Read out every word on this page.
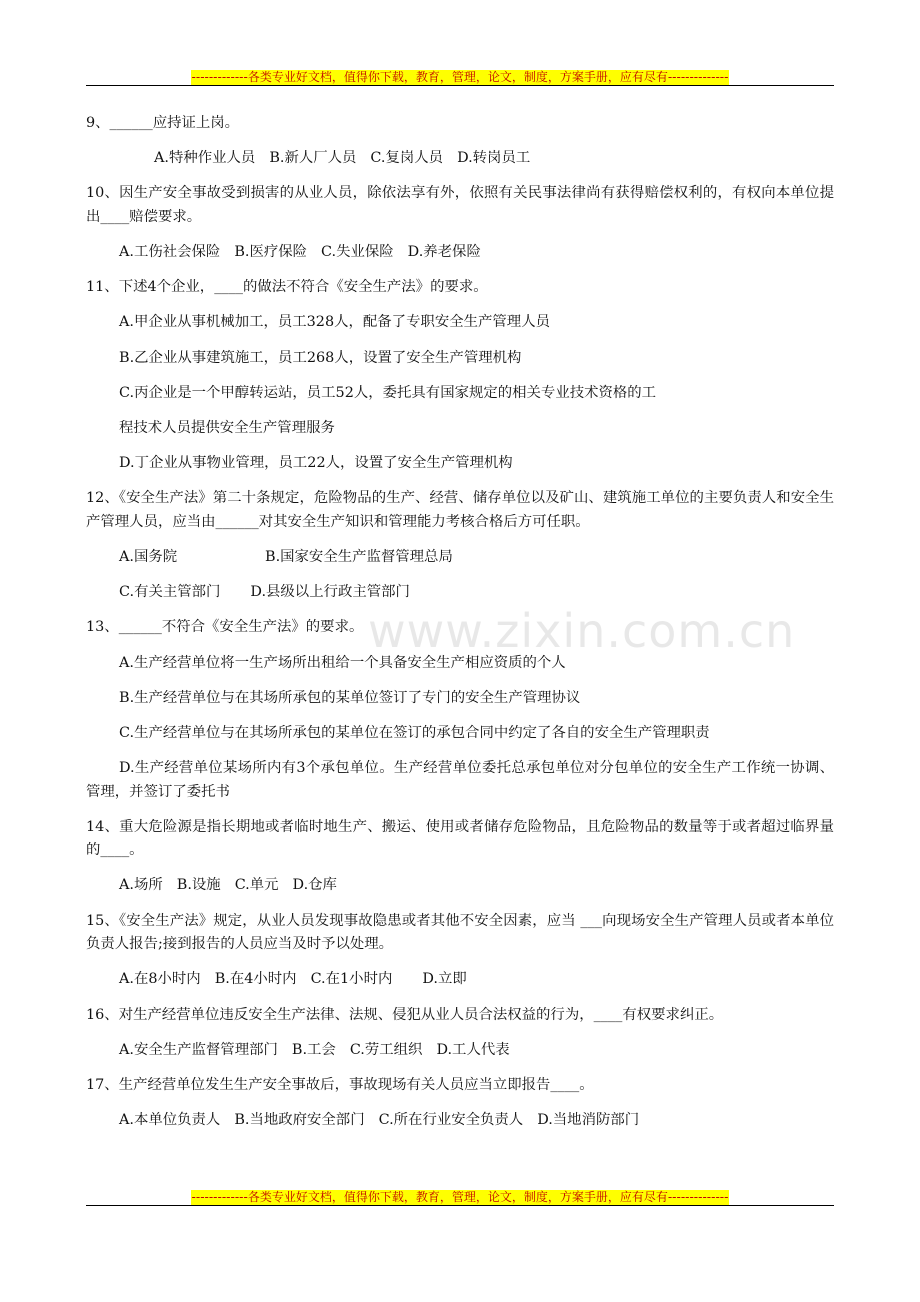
-------------各类专业好文档，值得你下载，教育，管理，论文，制度，方案手册，应有尽有--------------
www.zixin.com.cn

9、______应持证上岗。

A.特种作业人员 B.新人厂人员 C.复岗人员 D.转岗员工

10、因生产安全事故受到损害的从业人员，除依法享有外，依照有关民事法律尚有获得赔偿权利的，有权向本单位提出____赔偿要求。

A.工伤社会保险 B.医疗保险 C.失业保险 D.养老保险

11、下述4个企业，____的做法不符合《安全生产法》的要求。

A.甲企业从事机械加工，员工328人，配备了专职安全生产管理人员

B.乙企业从事建筑施工，员工268人，设置了安全生产管理机构

C.丙企业是一个甲醇转运站，员工52人，委托具有国家规定的相关专业技术资格的工

程技术人员提供安全生产管理服务

D.丁企业从事物业管理，员工22人，设置了安全生产管理机构

12、《安全生产法》第二十条规定，危险物品的生产、经营、储存单位以及矿山、建筑施工单位的主要负责人和安全生产管理人员，应当由______对其安全生产知识和管理能力考核合格后方可任职。

A.国务院	B.国家安全生产监督管理总局

C.有关主管部门 D.县级以上行政主管部门

13、______不符合《安全生产法》的要求。

A.生产经营单位将一生产场所出租给一个具备安全生产相应资质的个人

B.生产经营单位与在其场所承包的某单位签订了专门的安全生产管理协议

C.生产经营单位与在其场所承包的某单位在签订的承包合同中约定了各自的安全生产管理职责

D.生产经营单位某场所内有3个承包单位。生产经营单位委托总承包单位对分包单位的安全生产工作统一协调、管理，并签订了委托书

14、重大危险源是指长期地或者临时地生产、搬运、使用或者储存危险物品，且危险物品的数量等于或者超过临界量的____。

A.场所 B.设施 C.单元 D.仓库

15、《安全生产法》规定，从业人员发现事故隐患或者其他不安全因素，应当 ___向现场安全生产管理人员或者本单位负责人报告;接到报告的人员应当及时予以处理。

A.在8小时内 B.在4小时内 C.在1小时内 D.立即

16、对生产经营单位违反安全生产法律、法规、侵犯从业人员合法权益的行为，____有权要求纠正。

A.安全生产监督管理部门 B.工会 C.劳工组织 D.工人代表

17、生产经营单位发生生产安全事故后，事故现场有关人员应当立即报告____。

A.本单位负责人 B.当地政府安全部门 C.所在行业安全负责人 D.当地消防部门

-------------各类专业好文档，值得你下载，教育，管理，论文，制度，方案手册，应有尽有--------------
